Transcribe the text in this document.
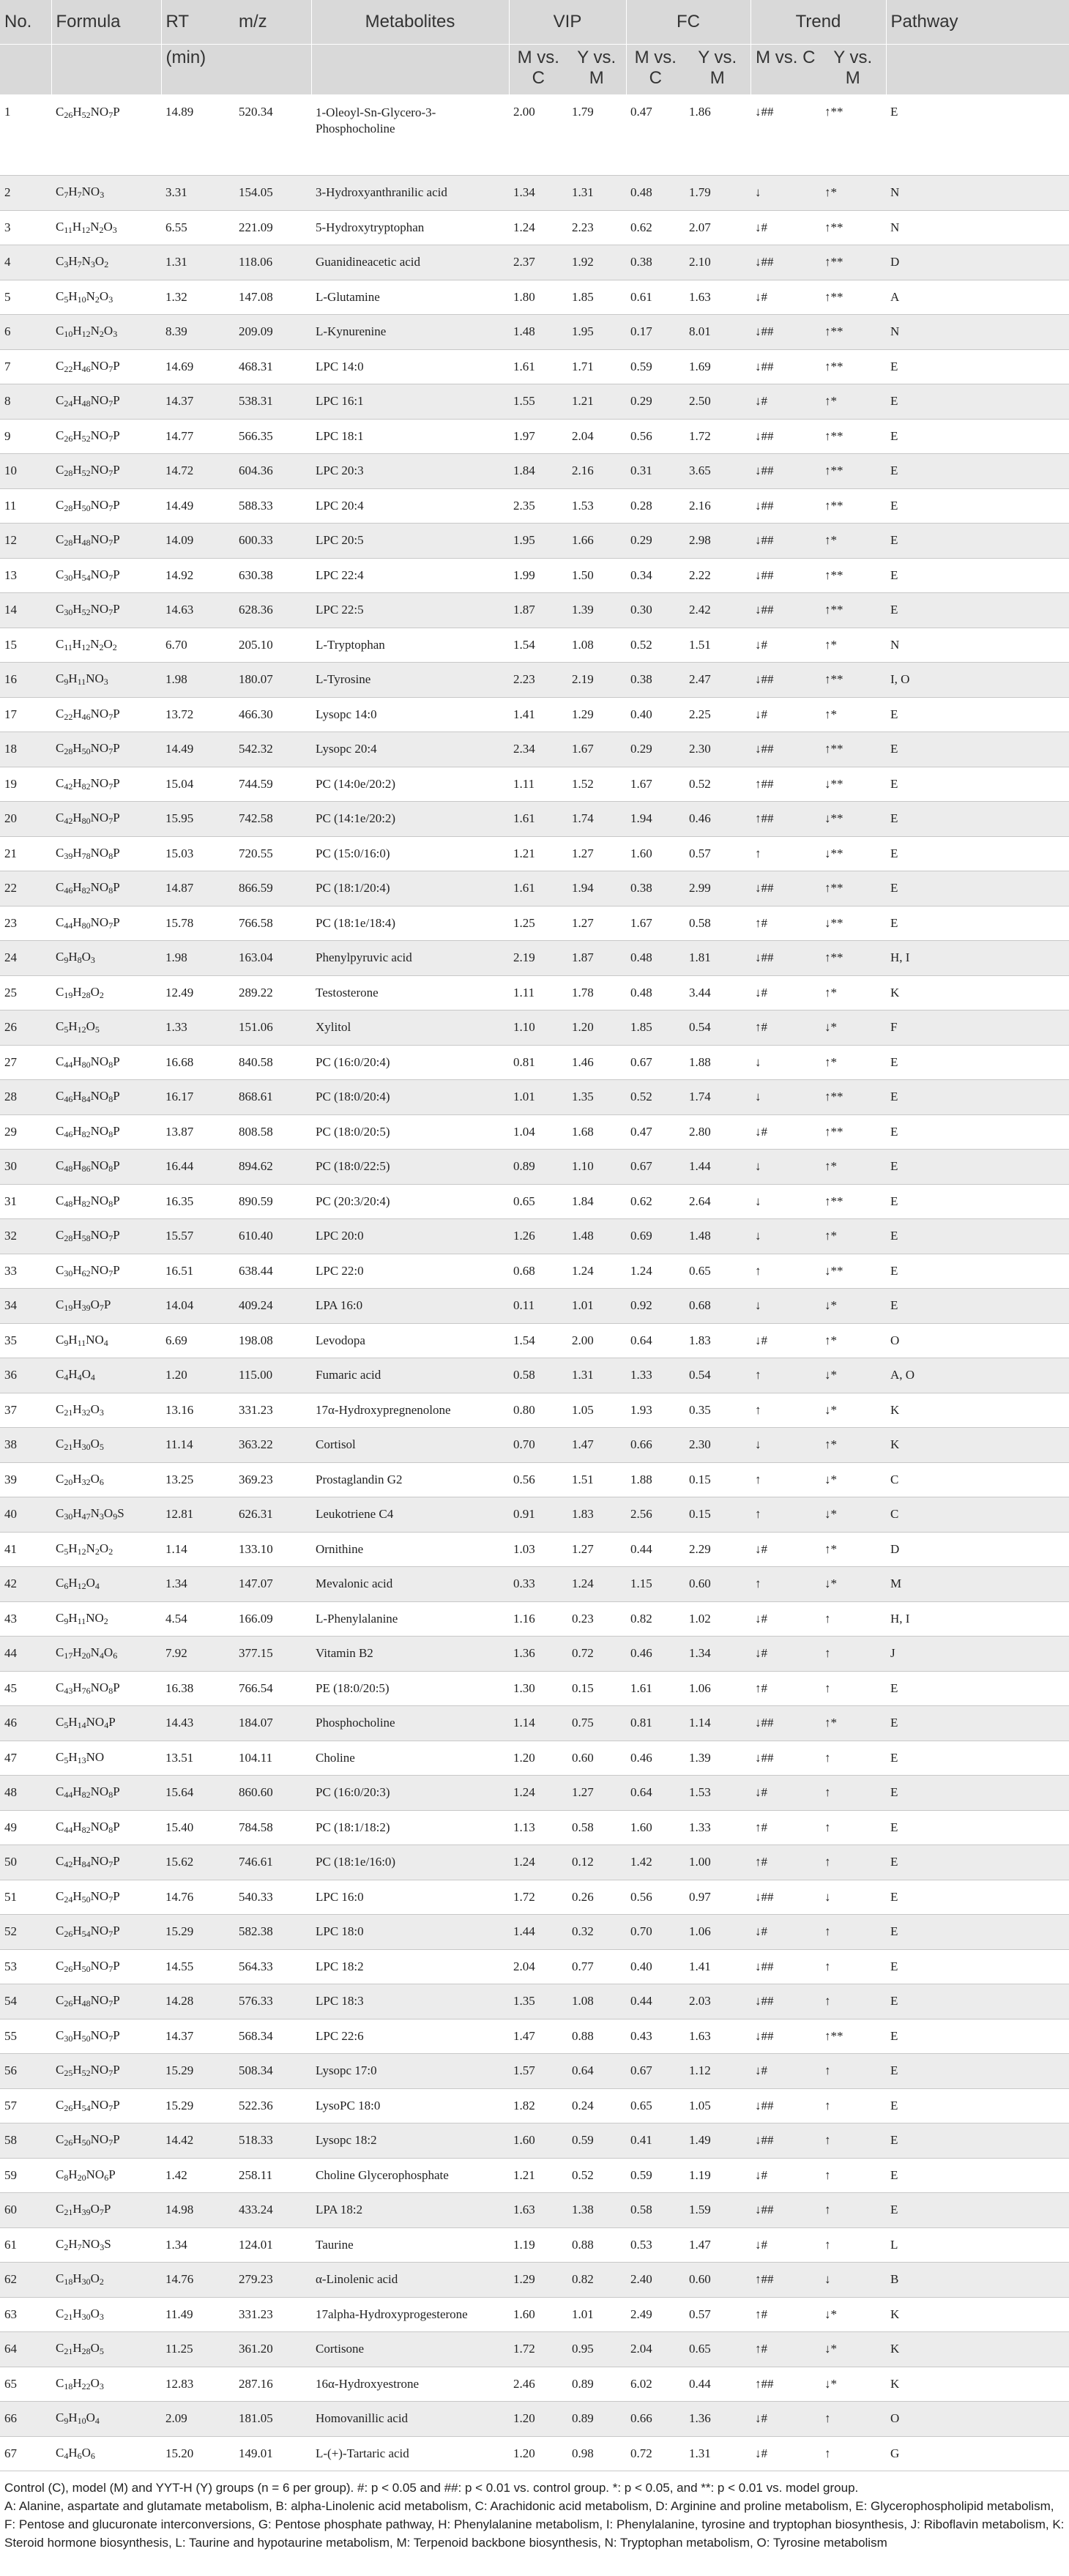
No.	Formula	RT	m/z	Metabolites	VIP		FC		Trend		Pathway
		(min)			M vs. C	Y vs. M	M vs. C	Y vs. M	M vs. C	Y vs. M	
1	$C_{26}H_{52}NO_7P$	14.89	520.34	1-Oleoyl-Sn-Glycero-3-Phosphocholine	2.00	1.79	0.47	1.86	↓##	↑**	E
2	$C_7H_7NO_3$	3.31	154.05	3-Hydroxyanthranilic acid	1.34	1.31	0.48	1.79	↓	↑*	N
3	$C_{11}H_{12}N_2O_3$	6.55	221.09	5-Hydroxytryptophan	1.24	2.23	0.62	2.07	↓#	↑**	N
4	$C_3H_7N_3O_2$	1.31	118.06	Guanidineacetic acid	2.37	1.92	0.38	2.10	↓##	↑**	D
5	$C_5H_{10}N_2O_3$	1.32	147.08	L-Glutamine	1.80	1.85	0.61	1.63	↓#	↑**	A
6	$C_{10}H_{12}N_2O_3$	8.39	209.09	L-Kynurenine	1.48	1.95	0.17	8.01	↓##	↑**	N
7	$C_{22}H_{46}NO_7P$	14.69	468.31	LPC 14:0	1.61	1.71	0.59	1.69	↓##	↑**	E
8	$C_{24}H_{48}NO_7P$	14.37	538.31	LPC 16:1	1.55	1.21	0.29	2.50	↓#	↑*	E
9	$C_{26}H_{52}NO_7P$	14.77	566.35	LPC 18:1	1.97	2.04	0.56	1.72	↓##	↑**	E
10	$C_{28}H_{52}NO_7P$	14.72	604.36	LPC 20:3	1.84	2.16	0.31	3.65	↓##	↑**	E
11	$C_{28}H_{50}NO_7P$	14.49	588.33	LPC 20:4	2.35	1.53	0.28	2.16	↓##	↑**	E
12	$C_{28}H_{48}NO_7P$	14.09	600.33	LPC 20:5	1.95	1.66	0.29	2.98	↓##	↑*	E
13	$C_{30}H_{54}NO_7P$	14.92	630.38	LPC 22:4	1.99	1.50	0.34	2.22	↓##	↑**	E
14	$C_{30}H_{52}NO_7P$	14.63	628.36	LPC 22:5	1.87	1.39	0.30	2.42	↓##	↑**	E
15	$C_{11}H_{12}N_2O_2$	6.70	205.10	L-Tryptophan	1.54	1.08	0.52	1.51	↓#	↑*	N
16	$C_9H_{11}NO_3$	1.98	180.07	L-Tyrosine	2.23	2.19	0.38	2.47	↓##	↑**	I, O
17	$C_{22}H_{46}NO_7P$	13.72	466.30	Lysopc 14:0	1.41	1.29	0.40	2.25	↓#	↑*	E
18	$C_{28}H_{50}NO_7P$	14.49	542.32	Lysopc 20:4	2.34	1.67	0.29	2.30	↓##	↑**	E
19	$C_{42}H_{82}NO_7P$	15.04	744.59	PC (14:0e/20:2)	1.11	1.52	1.67	0.52	↑##	↓**	E
20	$C_{42}H_{80}NO_7P$	15.95	742.58	PC (14:1e/20:2)	1.61	1.74	1.94	0.46	↑##	↓**	E
21	$C_{39}H_{78}NO_8P$	15.03	720.55	PC (15:0/16:0)	1.21	1.27	1.60	0.57	↑	↓**	E
22	$C_{46}H_{82}NO_8P$	14.87	866.59	PC (18:1/20:4)	1.61	1.94	0.38	2.99	↓##	↑**	E
23	$C_{44}H_{80}NO_7P$	15.78	766.58	PC (18:1e/18:4)	1.25	1.27	1.67	0.58	↑#	↓**	E
24	$C_9H_8O_3$	1.98	163.04	Phenylpyruvic acid	2.19	1.87	0.48	1.81	↓##	↑**	H, I
25	$C_{19}H_{28}O_2$	12.49	289.22	Testosterone	1.11	1.78	0.48	3.44	↓#	↑*	K
26	$C_5H_{12}O_5$	1.33	151.06	Xylitol	1.10	1.20	1.85	0.54	↑#	↓*	F
27	$C_{44}H_{80}NO_8P$	16.68	840.58	PC (16:0/20:4)	0.81	1.46	0.67	1.88	↓	↑*	E
28	$C_{46}H_{84}NO_8P$	16.17	868.61	PC (18:0/20:4)	1.01	1.35	0.52	1.74	↓	↑**	E
29	$C_{46}H_{82}NO_8P$	13.87	808.58	PC (18:0/20:5)	1.04	1.68	0.47	2.80	↓#	↑**	E
30	$C_{48}H_{86}NO_8P$	16.44	894.62	PC (18:0/22:5)	0.89	1.10	0.67	1.44	↓	↑*	E
31	$C_{48}H_{82}NO_8P$	16.35	890.59	PC (20:3/20:4)	0.65	1.84	0.62	2.64	↓	↑**	E
32	$C_{28}H_{58}NO_7P$	15.57	610.40	LPC 20:0	1.26	1.48	0.69	1.48	↓	↑*	E
33	$C_{30}H_{62}NO_7P$	16.51	638.44	LPC 22:0	0.68	1.24	1.24	0.65	↑	↓**	E
34	$C_{19}H_{39}O_7P$	14.04	409.24	LPA 16:0	0.11	1.01	0.92	0.68	↓	↓*	E
35	$C_9H_{11}NO_4$	6.69	198.08	Levodopa	1.54	2.00	0.64	1.83	↓#	↑*	O
36	$C_4H_4O_4$	1.20	115.00	Fumaric acid	0.58	1.31	1.33	0.54	↑	↓*	A, O
37	$C_{21}H_{32}O_3$	13.16	331.23	17α-Hydroxypregnenolone	0.80	1.05	1.93	0.35	↑	↓*	K
38	$C_{21}H_{30}O_5$	11.14	363.22	Cortisol	0.70	1.47	0.66	2.30	↓	↑*	K
39	$C_{20}H_{32}O_6$	13.25	369.23	Prostaglandin G2	0.56	1.51	1.88	0.15	↑	↓*	C
40	$C_{30}H_{47}N_3O_9S$	12.81	626.31	Leukotriene C4	0.91	1.83	2.56	0.15	↑	↓*	C
41	$C_5H_{12}N_2O_2$	1.14	133.10	Ornithine	1.03	1.27	0.44	2.29	↓#	↑*	D
42	$C_6H_{12}O_4$	1.34	147.07	Mevalonic acid	0.33	1.24	1.15	0.60	↑	↓*	M
43	$C_9H_{11}NO_2$	4.54	166.09	L-Phenylalanine	1.16	0.23	0.82	1.02	↓#	↑	H, I
44	$C_{17}H_{20}N_4O_6$	7.92	377.15	Vitamin B2	1.36	0.72	0.46	1.34	↓#	↑	J
45	$C_{43}H_{76}NO_8P$	16.38	766.54	PE (18:0/20:5)	1.30	0.15	1.61	1.06	↑#	↑	E
46	$C_5H_{14}NO_4P$	14.43	184.07	Phosphocholine	1.14	0.75	0.81	1.14	↓##	↑*	E
47	$C_5H_{13}NO$	13.51	104.11	Choline	1.20	0.60	0.46	1.39	↓##	↑	E
48	$C_{44}H_{82}NO_8P$	15.64	860.60	PC (16:0/20:3)	1.24	1.27	0.64	1.53	↓#	↑	E
49	$C_{44}H_{82}NO_8P$	15.40	784.58	PC (18:1/18:2)	1.13	0.58	1.60	1.33	↑#	↑	E
50	$C_{42}H_{84}NO_7P$	15.62	746.61	PC (18:1e/16:0)	1.24	0.12	1.42	1.00	↑#	↑	E
51	$C_{24}H_{50}NO_7P$	14.76	540.33	LPC 16:0	1.72	0.26	0.56	0.97	↓##	↓	E
52	$C_{26}H_{54}NO_7P$	15.29	582.38	LPC 18:0	1.44	0.32	0.70	1.06	↓#	↑	E
53	$C_{26}H_{50}NO_7P$	14.55	564.33	LPC 18:2	2.04	0.77	0.40	1.41	↓##	↑	E
54	$C_{26}H_{48}NO_7P$	14.28	576.33	LPC 18:3	1.35	1.08	0.44	2.03	↓##	↑	E
55	$C_{30}H_{50}NO_7P$	14.37	568.34	LPC 22:6	1.47	0.88	0.43	1.63	↓##	↑**	E
56	$C_{25}H_{52}NO_7P$	15.29	508.34	Lysopc 17:0	1.57	0.64	0.67	1.12	↓#	↑	E
57	$C_{26}H_{54}NO_7P$	15.29	522.36	LysoPC 18:0	1.82	0.24	0.65	1.05	↓##	↑	E
58	$C_{26}H_{50}NO_7P$	14.42	518.33	Lysopc 18:2	1.60	0.59	0.41	1.49	↓##	↑	E
59	$C_8H_{20}NO_6P$	1.42	258.11	Choline Glycerophosphate	1.21	0.52	0.59	1.19	↓#	↑	E
60	$C_{21}H_{39}O_7P$	14.98	433.24	LPA 18:2	1.63	1.38	0.58	1.59	↓##	↑	E
61	$C_2H_7NO_3S$	1.34	124.01	Taurine	1.19	0.88	0.53	1.47	↓#	↑	L
62	$C_{18}H_{30}O_2$	14.76	279.23	α-Linolenic acid	1.29	0.82	2.40	0.60	↑##	↓	B
63	$C_{21}H_{30}O_3$	11.49	331.23	17alpha-Hydroxyprogesterone	1.60	1.01	2.49	0.57	↑#	↓*	K
64	$C_{21}H_{28}O_5$	11.25	361.20	Cortisone	1.72	0.95	2.04	0.65	↑#	↓*	K
65	$C_{18}H_{22}O_3$	12.83	287.16	16α-Hydroxyestrone	2.46	0.89	6.02	0.44	↑##	↓*	K
66	$C_9H_{10}O_4$	2.09	181.05	Homovanillic acid	1.20	0.89	0.66	1.36	↓#	↑	O
67	$C_4H_6O_6$	15.20	149.01	L-(+)-Tartaric acid	1.20	0.98	0.72	1.31	↓#	↑	G

Control (C), model (M) and YYT-H (Y) groups (n = 6 per group). #: p < 0.05 and ##: p < 0.01 vs. control group. *: p < 0.05, and **: p < 0.01 vs. model group.

A: Alanine, aspartate and glutamate metabolism, B: alpha-Linolenic acid metabolism, C: Arachidonic acid metabolism, D: Arginine and proline metabolism, E: Glycerophospholipid metabolism, F: Pentose and glucuronate interconversions, G: Pentose phosphate pathway, H: Phenylalanine metabolism, I: Phenylalanine, tyrosine and tryptophan biosynthesis, J: Riboflavin metabolism, K: Steroid hormone biosynthesis, L: Taurine and hypotaurine metabolism, M: Terpenoid backbone biosynthesis, N: Tryptophan metabolism, O: Tyrosine metabolism
